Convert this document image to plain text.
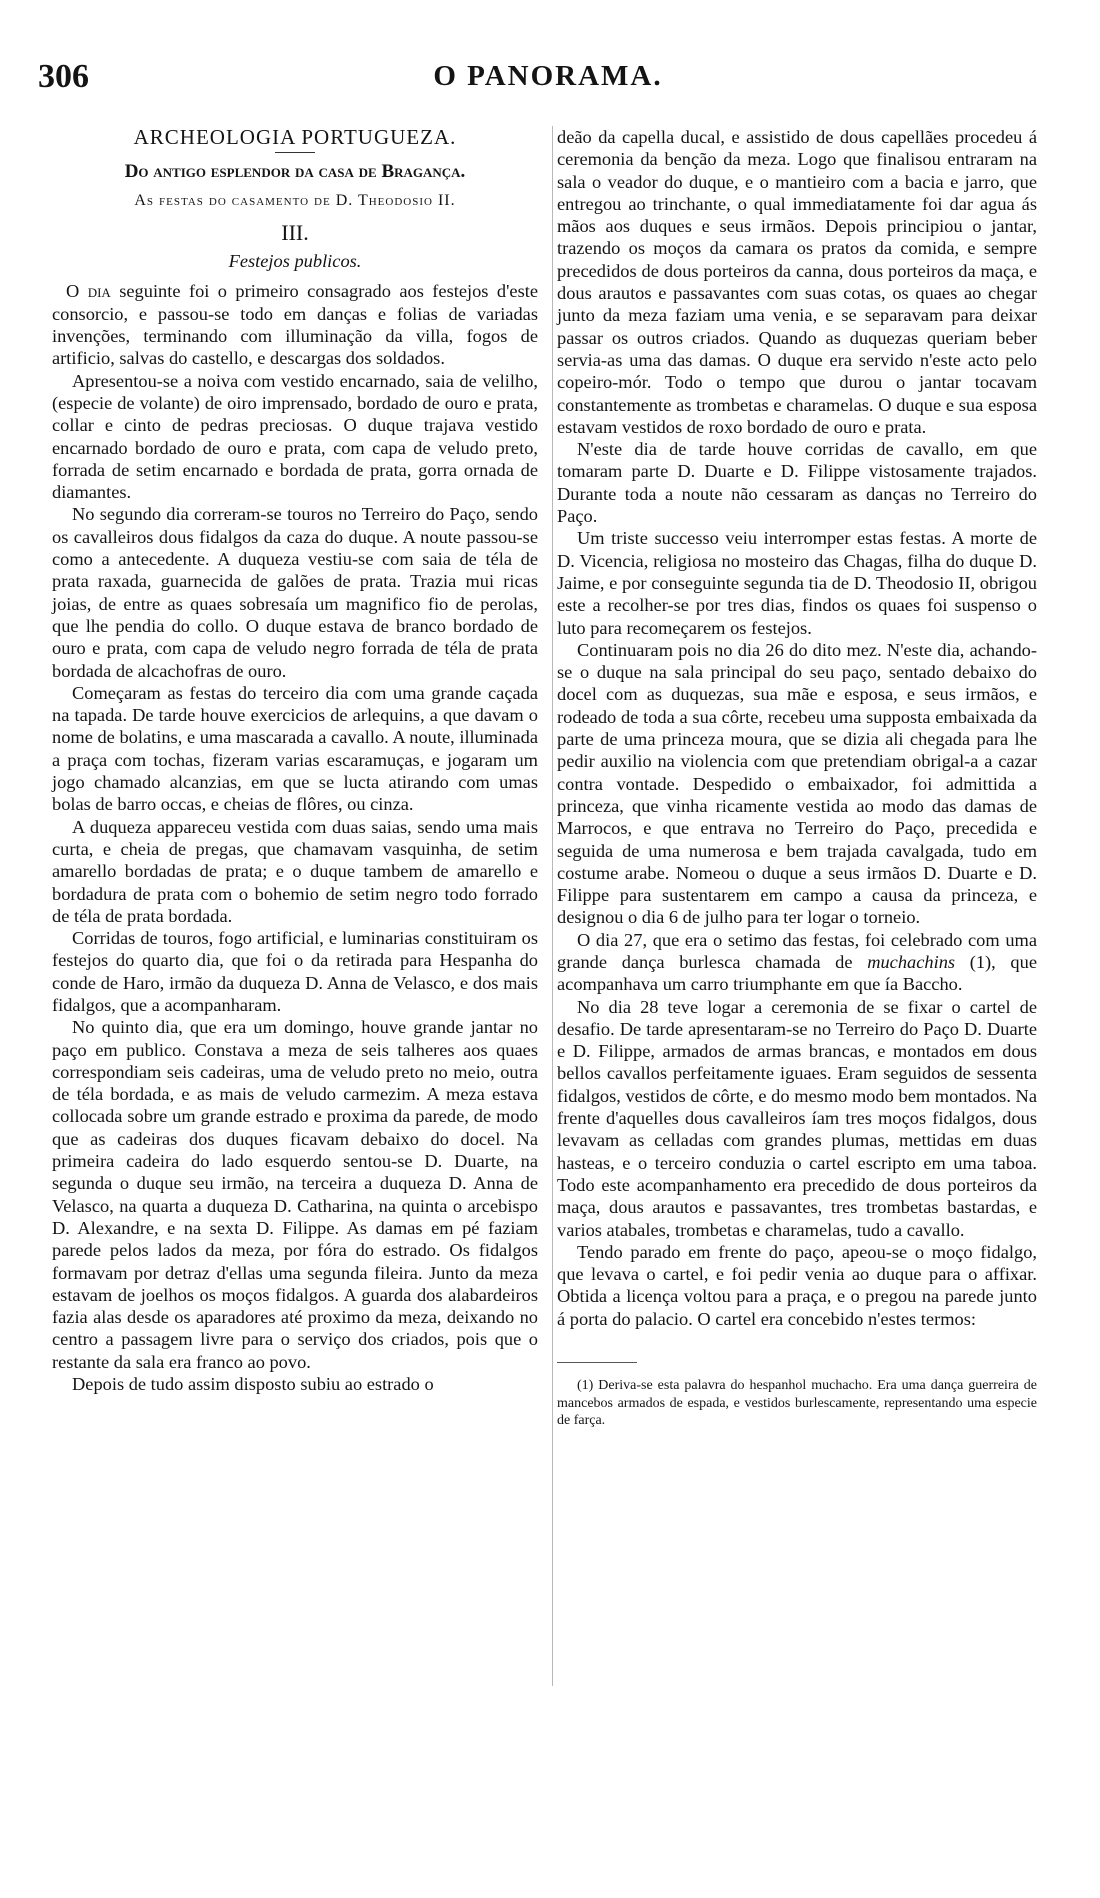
306	O PANORAMA.
ARCHEOLOGIA PORTUGUEZA.
Do antigo esplendor da casa de Bragança.
As festas do casamento de D. Theodosio II.
III.
Festejos publicos.

O dia seguinte foi o primeiro consagrado aos festejos d'este consorcio, e passou-se todo em danças e folias de variadas invenções, terminando com illuminação da villa, fogos de artificio, salvas do castello, e descargas dos soldados.

Apresentou-se a noiva com vestido encarnado, saia de velilho, (especie de volante) de oiro imprensado, bordado de ouro e prata, collar e cinto de pedras preciosas. O duque trajava vestido encarnado bordado de ouro e prata, com capa de veludo preto, forrada de setim encarnado e bordada de prata, gorra ornada de diamantes.

No segundo dia correram-se touros no Terreiro do Paço, sendo os cavalleiros dous fidalgos da caza do duque. A noute passou-se como a antecedente. A duqueza vestiu-se com saia de téla de prata raxada, guarnecida de galões de prata. Trazia mui ricas joias, de entre as quaes sobresaía um magnifico fio de perolas, que lhe pendia do collo. O duque estava de branco bordado de ouro e prata, com capa de veludo negro forrada de téla de prata bordada de alcachofras de ouro.

Começaram as festas do terceiro dia com uma grande caçada na tapada. De tarde houve exercicios de arlequins, a que davam o nome de bolatins, e uma mascarada a cavallo. A noute, illuminada a praça com tochas, fizeram varias escaramuças, e jogaram um jogo chamado alcanzias, em que se lucta atirando com umas bolas de barro occas, e cheias de flôres, ou cinza.

A duqueza appareceu vestida com duas saias, sendo uma mais curta, e cheia de pregas, que chamavam vasquinha, de setim amarello bordadas de prata; e o duque tambem de amarello e bordadura de prata com o bohemio de setim negro todo forrado de téla de prata bordada.

Corridas de touros, fogo artificial, e luminarias constituiram os festejos do quarto dia, que foi o da retirada para Hespanha do conde de Haro, irmão da duqueza D. Anna de Velasco, e dos mais fidalgos, que a acompanharam.

No quinto dia, que era um domingo, houve grande jantar no paço em publico. Constava a meza de seis talheres aos quaes correspondiam seis cadeiras, uma de veludo preto no meio, outra de téla bordada, e as mais de veludo carmezim. A meza estava collocada sobre um grande estrado e proxima da parede, de modo que as cadeiras dos duques ficavam debaixo do docel. Na primeira cadeira do lado esquerdo sentou-se D. Duarte, na segunda o duque seu irmão, na terceira a duqueza D. Anna de Velasco, na quarta a duqueza D. Catharina, na quinta o arcebispo D. Alexandre, e na sexta D. Filippe. As damas em pé faziam parede pelos lados da meza, por fóra do estrado. Os fidalgos formavam por detraz d'ellas uma segunda fileira. Junto da meza estavam de joelhos os moços fidalgos. A guarda dos alabardeiros fazia alas desde os aparadores até proximo da meza, deixando no centro a passagem livre para o serviço dos criados, pois que o restante da sala era franco ao povo.

Depois de tudo assim disposto subiu ao estrado o

deão da capella ducal, e assistido de dous capellães procedeu á ceremonia da benção da meza. Logo que finalisou entraram na sala o veador do duque, e o mantieiro com a bacia e jarro, que entregou ao trinchante, o qual immediatamente foi dar agua ás mãos aos duques e seus irmãos. Depois principiou o jantar, trazendo os moços da camara os pratos da comida, e sempre precedidos de dous porteiros da canna, dous porteiros da maça, e dous arautos e passavantes com suas cotas, os quaes ao chegar junto da meza faziam uma venia, e se separavam para deixar passar os outros criados. Quando as duquezas queriam beber servia-as uma das damas. O duque era servido n'este acto pelo copeiro-mór. Todo o tempo que durou o jantar tocavam constantemente as trombetas e charamelas. O duque e sua esposa estavam vestidos de roxo bordado de ouro e prata.

N'este dia de tarde houve corridas de cavallo, em que tomaram parte D. Duarte e D. Filippe vistosamente trajados. Durante toda a noute não cessaram as danças no Terreiro do Paço.

Um triste successo veiu interromper estas festas. A morte de D. Vicencia, religiosa no mosteiro das Chagas, filha do duque D. Jaime, e por conseguinte segunda tia de D. Theodosio II, obrigou este a recolher-se por tres dias, findos os quaes foi suspenso o luto para recomeçarem os festejos.

Continuaram pois no dia 26 do dito mez. N'este dia, achando-se o duque na sala principal do seu paço, sentado debaixo do docel com as duquezas, sua mãe e esposa, e seus irmãos, e rodeado de toda a sua côrte, recebeu uma supposta embaixada da parte de uma princeza moura, que se dizia ali chegada para lhe pedir auxilio na violencia com que pretendiam obrigal-a a cazar contra vontade. Despedido o embaixador, foi admittida a princeza, que vinha ricamente vestida ao modo das damas de Marrocos, e que entrava no Terreiro do Paço, precedida e seguida de uma numerosa e bem trajada cavalgada, tudo em costume arabe. Nomeou o duque a seus irmãos D. Duarte e D. Filippe para sustentarem em campo a causa da princeza, e designou o dia 6 de julho para ter logar o torneio.

O dia 27, que era o setimo das festas, foi celebrado com uma grande dança burlesca chamada de muchachins (1), que acompanhava um carro triumphante em que ía Baccho.

No dia 28 teve logar a ceremonia de se fixar o cartel de desafio. De tarde apresentaram-se no Terreiro do Paço D. Duarte e D. Filippe, armados de armas brancas, e montados em dous bellos cavallos perfeitamente iguaes. Eram seguidos de sessenta fidalgos, vestidos de côrte, e do mesmo modo bem montados. Na frente d'aquelles dous cavalleiros íam tres moços fidalgos, dous levavam as celladas com grandes plumas, mettidas em duas hasteas, e o terceiro conduzia o cartel escripto em uma taboa. Todo este acompanhamento era precedido de dous porteiros da maça, dous arautos e passavantes, tres trombetas bastardas, e varios atabales, trombetas e charamelas, tudo a cavallo.

Tendo parado em frente do paço, apeou-se o moço fidalgo, que levava o cartel, e foi pedir venia ao duque para o affixar. Obtida a licença voltou para a praça, e o pregou na parede junto á porta do palacio. O cartel era concebido n'estes termos:

(1) Deriva-se esta palavra do hespanhol muchacho. Era uma dança guerreira de mancebos armados de espada, e vestidos burlescamente, representando uma especie de farça.
